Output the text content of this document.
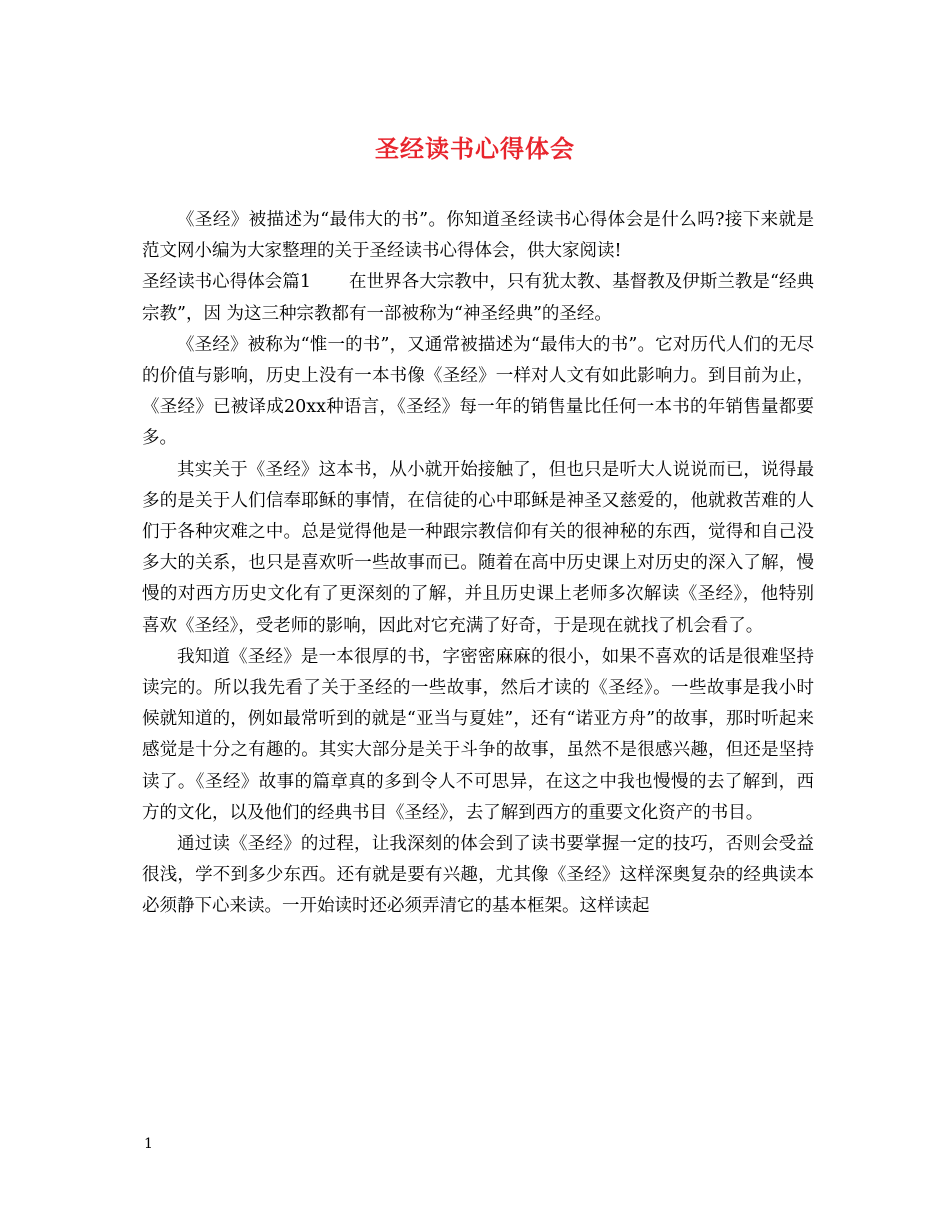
圣经读书心得体会

《圣经》被描述为“最伟大的书”。你知道圣经读书心得体会是什么吗?接下来就是范文网小编为大家整理的关于圣经读书心得体会，供大家阅读!

圣经读书心得体会篇1 在世界各大宗教中，只有犹太教、基督教及伊斯兰教是“经典宗教”，因 为这三种宗教都有一部被称为“神圣经典”的圣经。

《圣经》被称为“惟一的书”，又通常被描述为“最伟大的书”。它对历代人们的无尽的价值与影响，历史上没有一本书像《圣经》一样对人文有如此影响力。到目前为止，《圣经》已被译成20xx种语言，《圣经》每一年的销售量比任何一本书的年销售量都要多。

其实关于《圣经》这本书，从小就开始接触了，但也只是听大人说说而已，说得最多的是关于人们信奉耶稣的事情，在信徒的心中耶稣是神圣又慈爱的，他就救苦难的人们于各种灾难之中。总是觉得他是一种跟宗教信仰有关的很神秘的东西，觉得和自己没多大的关系，也只是喜欢听一些故事而已。随着在高中历史课上对历史的深入了解，慢慢的对西方历史文化有了更深刻的了解，并且历史课上老师多次解读《圣经》，他特别喜欢《圣经》，受老师的影响，因此对它充满了好奇，于是现在就找了机会看了。

我知道《圣经》是一本很厚的书，字密密麻麻的很小，如果不喜欢的话是很难坚持读完的。所以我先看了关于圣经的一些故事，然后才读的《圣经》。一些故事是我小时候就知道的，例如最常听到的就是“亚当与夏娃”，还有“诺亚方舟”的故事，那时听起来感觉是十分之有趣的。其实大部分是关于斗争的故事，虽然不是很感兴趣，但还是坚持读了。《圣经》故事的篇章真的多到令人不可思异，在这之中我也慢慢的去了解到，西方的文化，以及他们的经典书目《圣经》，去了解到西方的重要文化资产的书目。

通过读《圣经》的过程，让我深刻的体会到了读书要掌握一定的技巧，否则会受益很浅，学不到多少东西。还有就是要有兴趣，尤其像《圣经》这样深奥复杂的经典读本必须静下心来读。一开始读时还必须弄清它的基本框架。这样读起

1
